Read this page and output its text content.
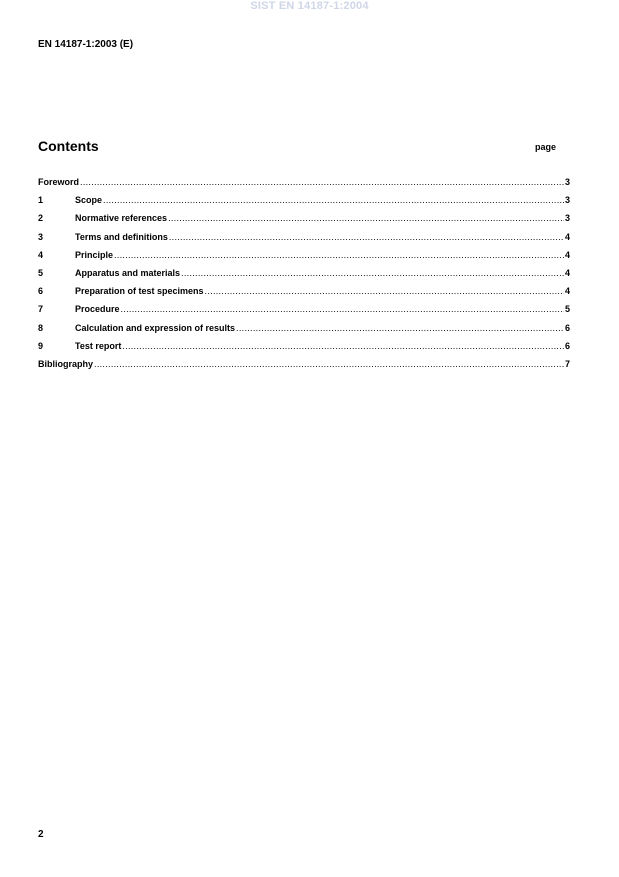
SIST EN 14187-1:2004
EN 14187-1:2003 (E)
Contents	page
Foreword .....	3
1	Scope .....	3
2	Normative references .....	3
3	Terms and definitions .....	4
4	Principle .....	4
5	Apparatus and materials .....	4
6	Preparation of test specimens .....	4
7	Procedure .....	5
8	Calculation and expression of results .....	6
9	Test report .....	6
Bibliography .....	7
2
